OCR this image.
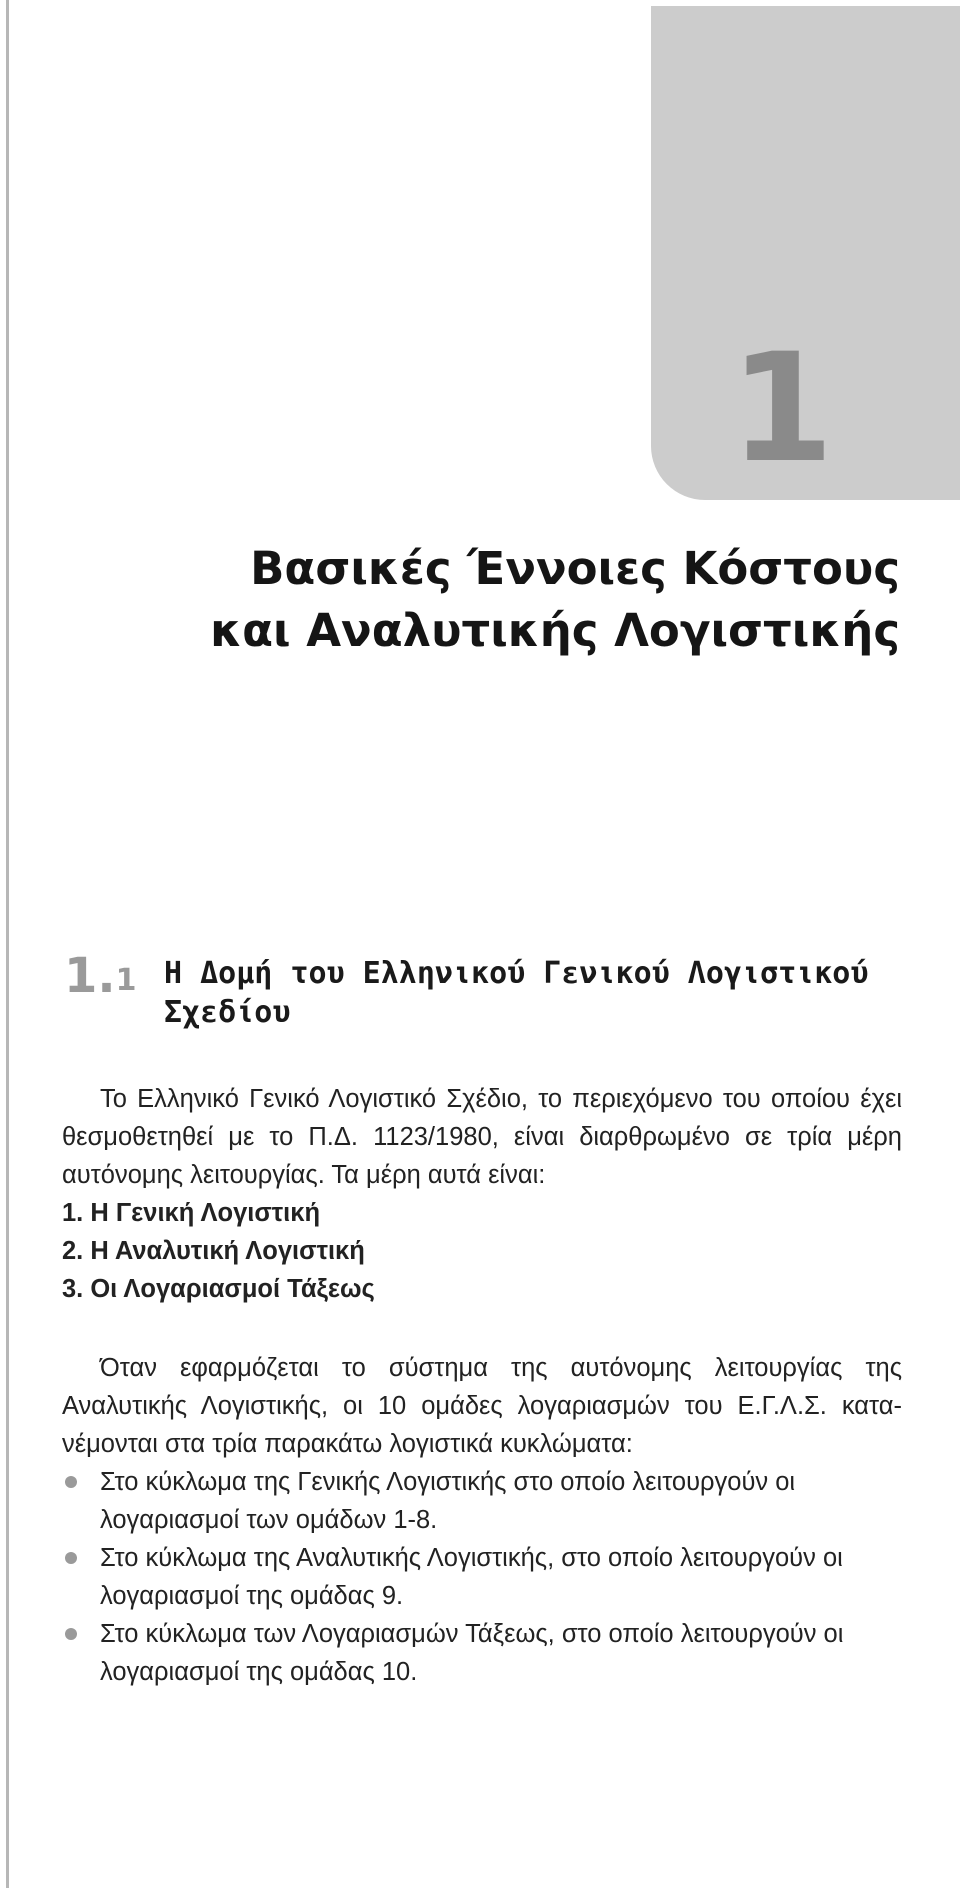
1
Βασικές Έννοιες Κόστους
και Αναλυτικής Λογιστικής
1.1 Η Δομή του Ελληνικού Γενικού Λογιστικού Σχεδίου

Το Ελληνικό Γενικό Λογιστικό Σχέδιο, το περιεχόμενο του οποίου έχει θεσμοθετηθεί με το Π.Δ. 1123/1980, είναι διαρθρωμένο σε τρία μέρη αυτόνομης λειτουργίας. Τα μέρη αυτά είναι:

1. Η Γενική Λογιστική
2. Η Αναλυτική Λογιστική
3. Οι Λογαριασμοί Τάξεως

Όταν εφαρμόζεται το σύστημα της αυτόνομης λειτουργίας της Αναλυτικής Λογιστικής, οι 10 ομάδες λογαριασμών του Ε.Γ.Λ.Σ. κατα-νέμονται στα τρία παρακάτω λογιστικά κυκλώματα:

Στο κύκλωμα της Γενικής Λογιστικής στο οποίο λειτουργούν οι λογαριασμοί των ομάδων 1-8.
Στο κύκλωμα της Αναλυτικής Λογιστικής, στο οποίο λειτουργούν οι λογαριασμοί της ομάδας 9.
Στο κύκλωμα των Λογαριασμών Τάξεως, στο οποίο λειτουργούν οι λογαριασμοί της ομάδας 10.
